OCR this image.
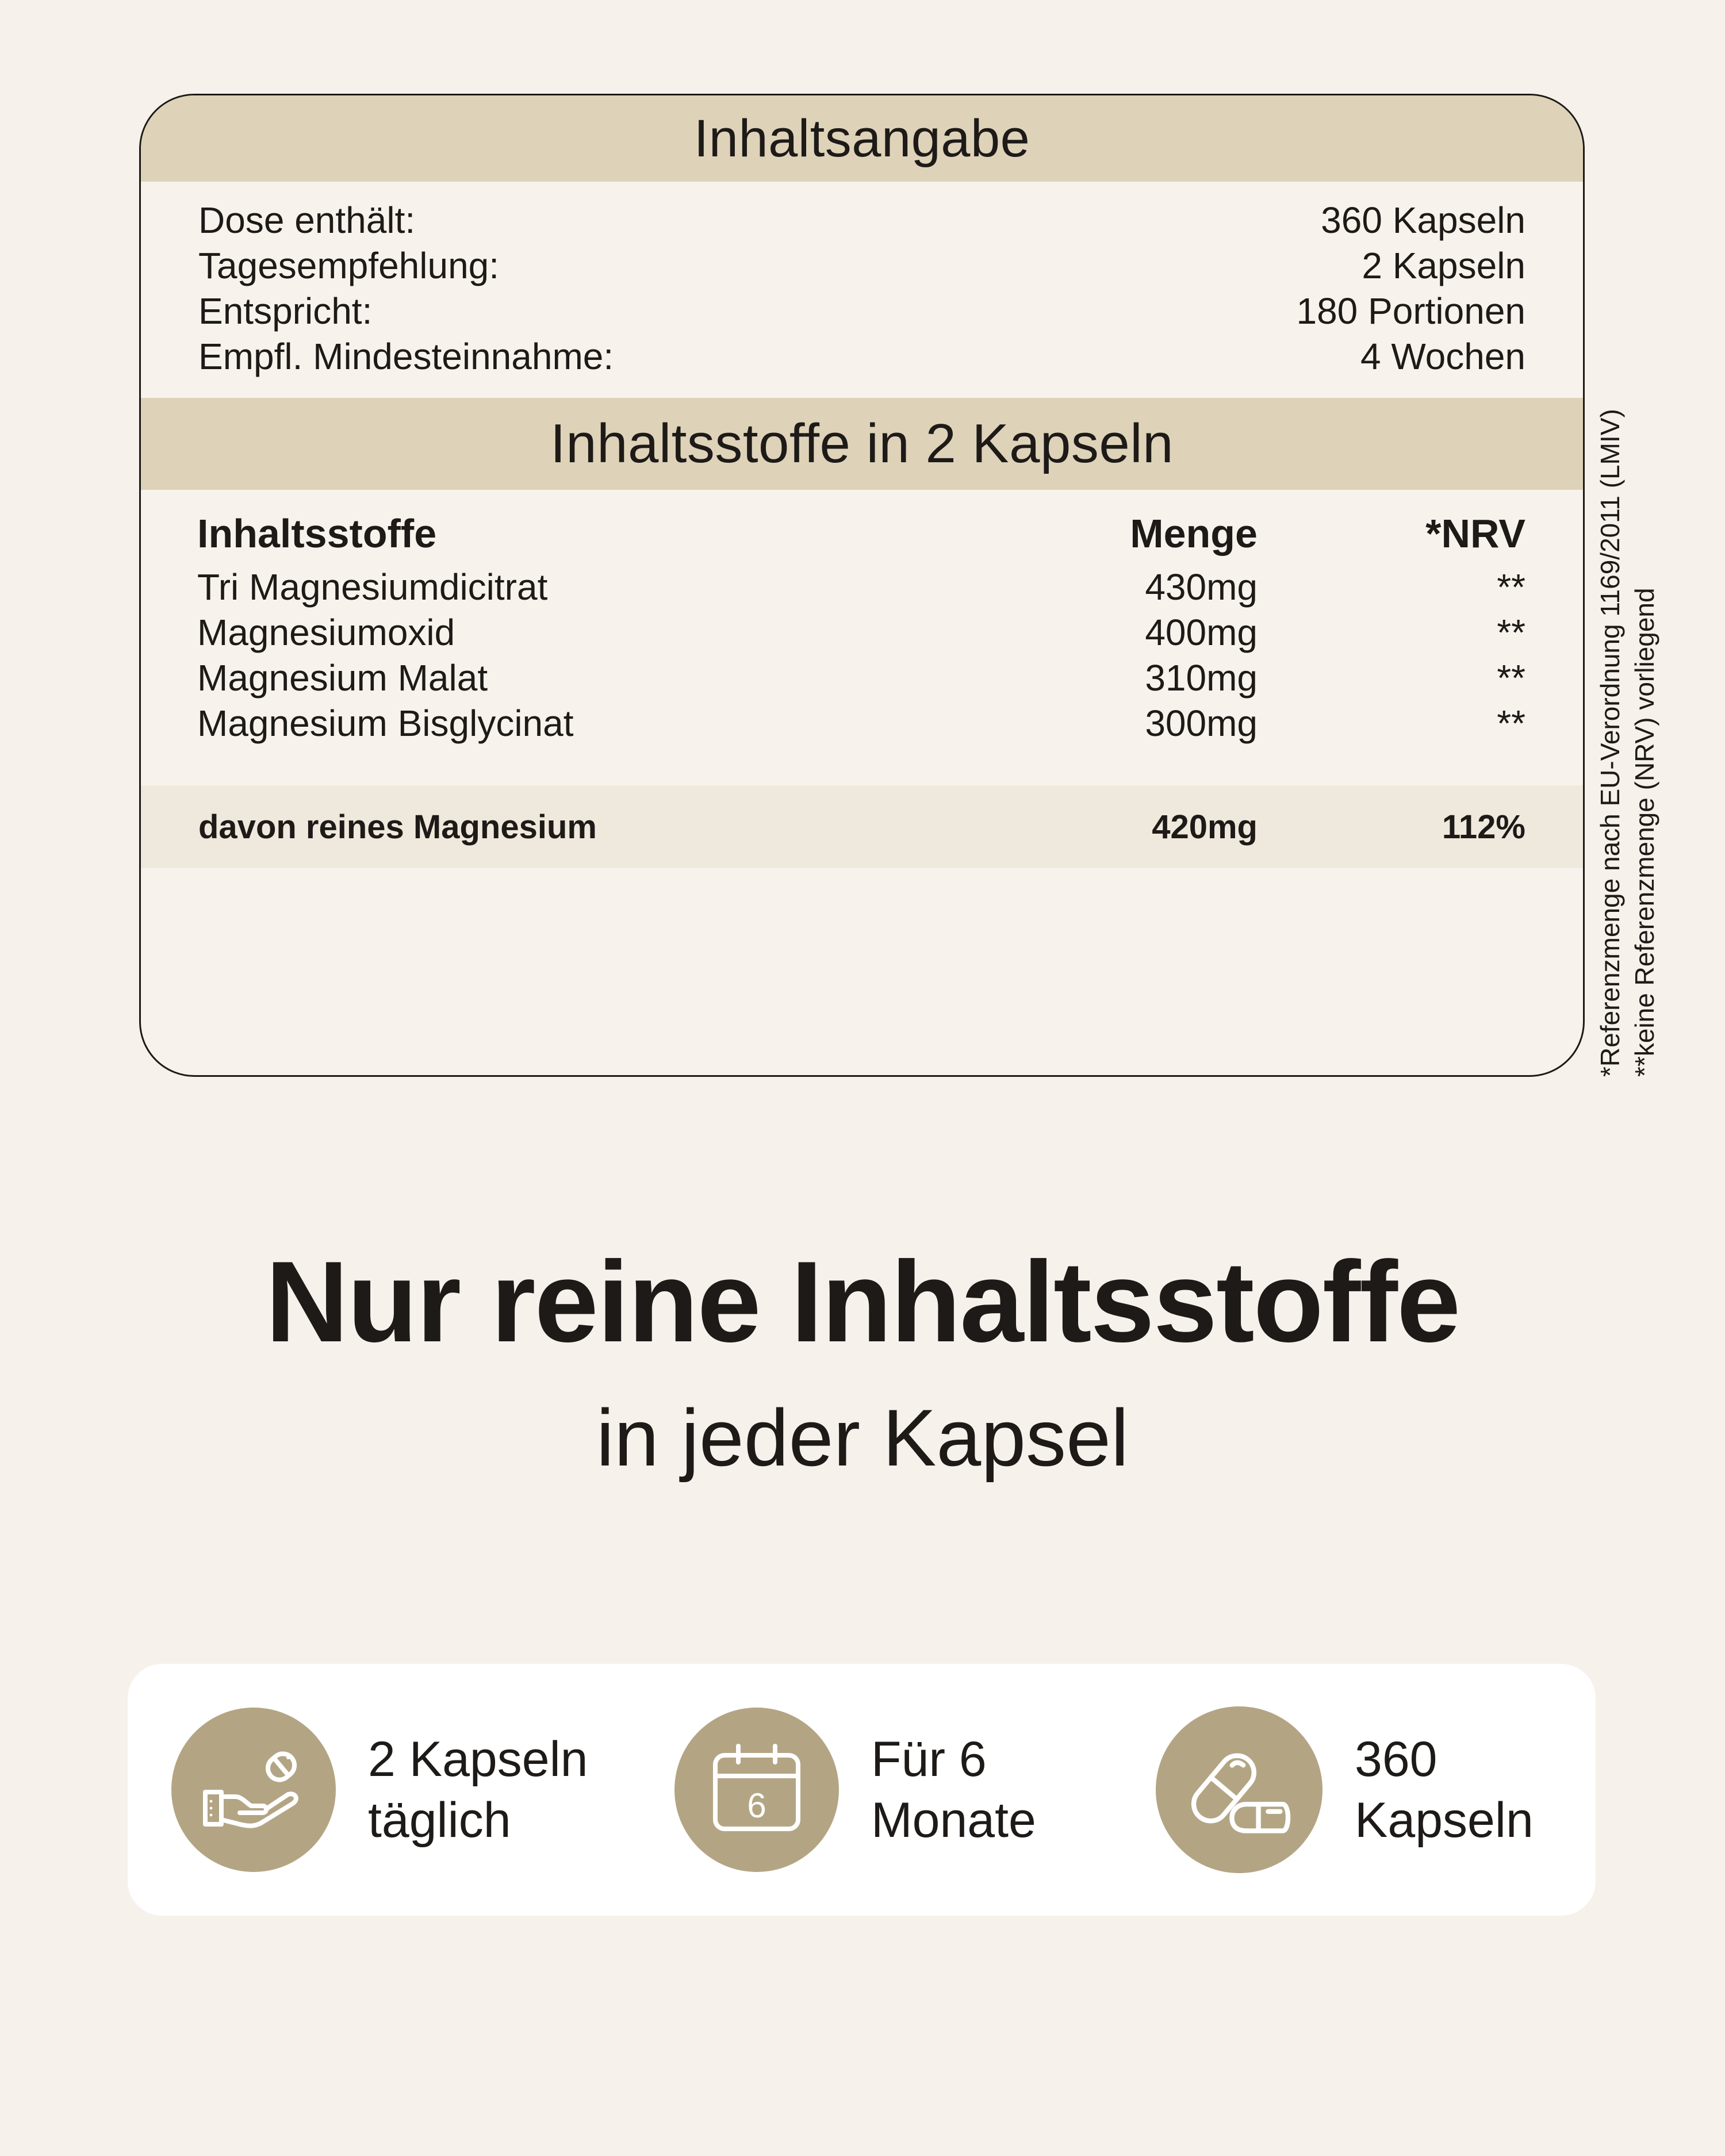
Inhaltsangabe
Dose enthält:	360 Kapseln
Tagesempfehlung:	2 Kapseln
Entspricht:	180 Portionen
Empfl. Mindesteinnahme:	4 Wochen
Inhaltsstoffe in 2 Kapseln
Inhaltsstoffe	Menge	*NRV
Tri Magnesiumdicitrat	430mg	**
Magnesiumoxid	400mg	**
Magnesium Malat	310mg	**
Magnesium Bisglycinat	300mg	**
davon reines Magnesium	420mg	112%	*Referenzmenge nach EU-Verordnung 1169/2011 (LMIV) **keine Referenzmenge (NRV) vorliegend
Nur reine Inhaltsstoffe
in jeder Kapsel
2 Kapseln
täglich	6
Für 6
Monate
360
Kapseln
